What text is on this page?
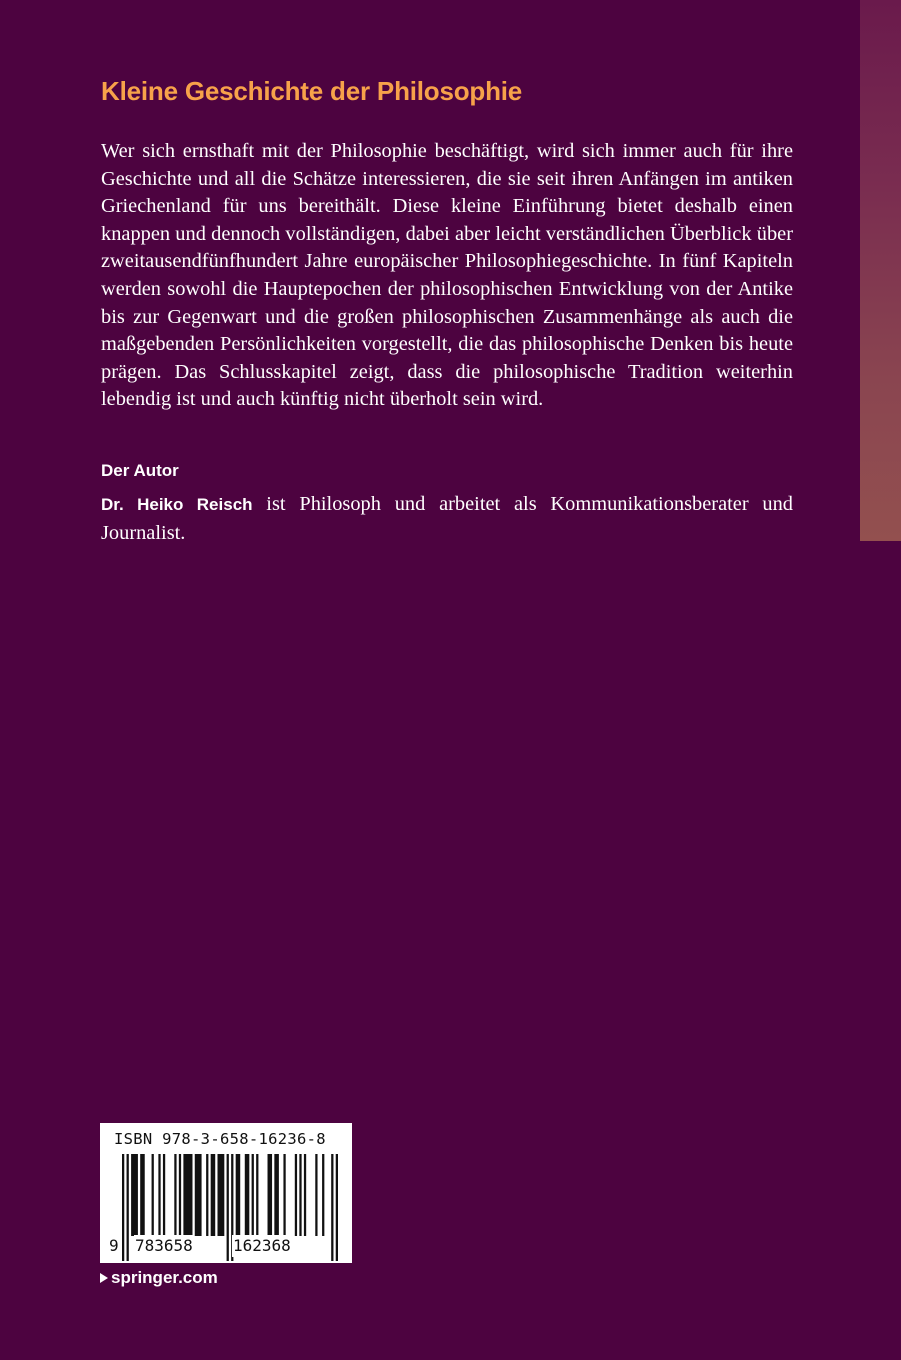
Kleine Geschichte der Philosophie

Wer sich ernsthaft mit der Philosophie beschäftigt, wird sich immer auch für ihre Geschichte und all die Schätze interessieren, die sie seit ihren Anfängen im antiken Griechenland für uns bereithält. Diese kleine Einführung bietet deshalb einen knappen und dennoch vollständigen, dabei aber leicht verständlichen Überblick über zweitausendfünfhundert Jahre europäischer Philosophiegeschichte. In fünf Kapiteln werden sowohl die Hauptepochen der philosophischen Entwicklung von der Antike bis zur Gegenwart und die großen philosophischen Zusammenhänge als auch die maßgebenden Persönlichkeiten vorgestellt, die das philosophische Denken bis heute prägen. Das Schlusskapitel zeigt, dass die philosophische Tradition weiterhin lebendig ist und auch künftig nicht überholt sein wird.

Der Autor

Dr. Heiko Reisch ist Philosoph und arbeitet als Kommunikationsberater und Journalist.

ISBN 978-3-658-16236-8
9 783658	162368
springer.com
